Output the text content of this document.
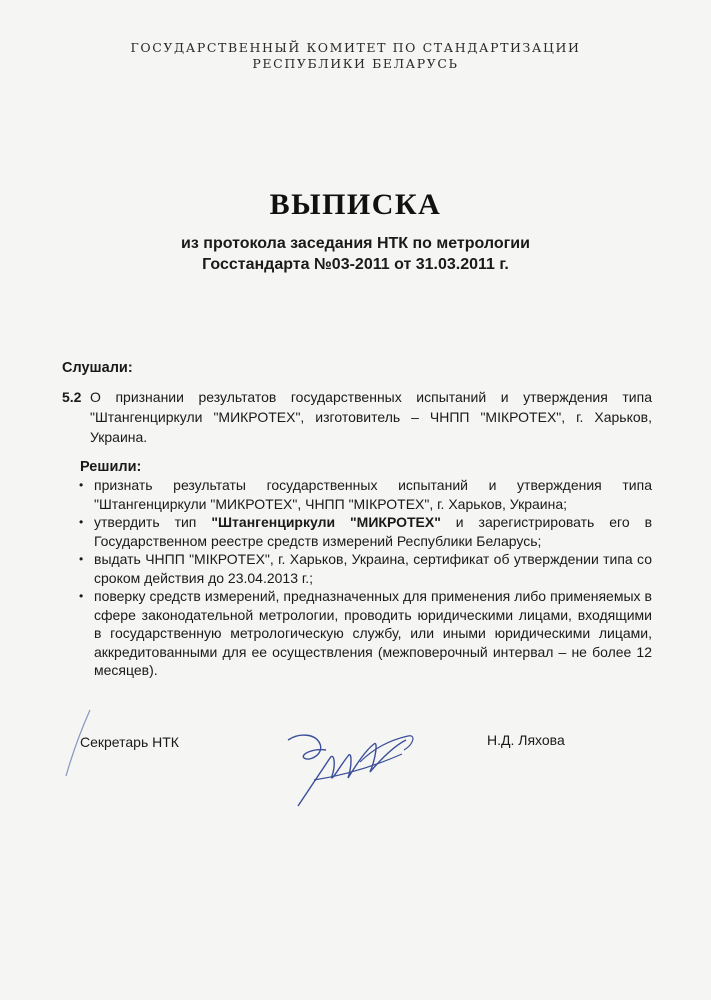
ГОСУДАРСТВЕННЫЙ КОМИТЕТ ПО СТАНДАРТИЗАЦИИ
РЕСПУБЛИКИ БЕЛАРУСЬ
ВЫПИСКА
из протокола заседания НТК по метрологии
Госстандарта №03-2011 от 31.03.2011 г.
Слушали:
5.2 О признании результатов государственных испытаний и утверждения типа "Штангенциркули "МИКРОТЕХ", изготовитель – ЧНПП "МIКРОТЕХ", г. Харьков, Украина.
Решили:
• признать результаты государственных испытаний и утверждения типа "Штангенциркули "МИКРОТЕХ", ЧНПП "МIКРОТЕХ", г. Харьков, Украина;
• утвердить тип "Штангенциркули "МИКРОТЕХ" и зарегистрировать его в Государственном реестре средств измерений Республики Беларусь;
• выдать ЧНПП "МIКРОТЕХ", г. Харьков, Украина, сертификат об утверждении типа со сроком действия до 23.04.2013 г.;
• поверку средств измерений, предназначенных для применения либо применяемых в сфере законодательной метрологии, проводить юридическими лицами, входящими в государственную метрологическую службу, или иными юридическими лицами, аккредитованными для ее осуществления (межповерочный интервал – не более 12 месяцев).
Секретарь НТК	Н.Д. Ляхова
